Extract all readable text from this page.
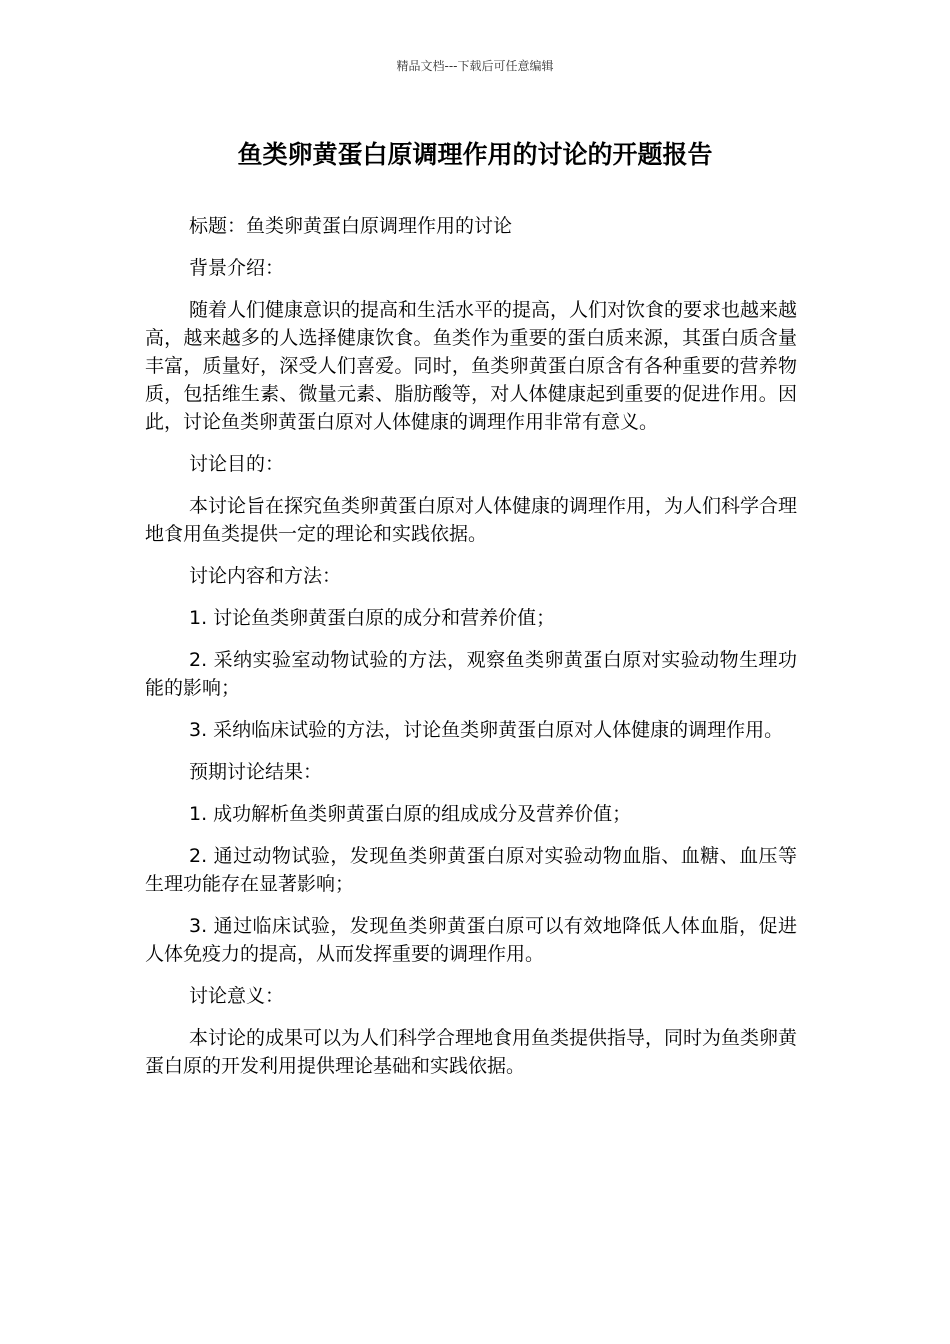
精品文档---下载后可任意编辑
鱼类卵黄蛋白原调理作用的讨论的开题报告

标题：鱼类卵黄蛋白原调理作用的讨论

背景介绍：

随着人们健康意识的提高和生活水平的提高，人们对饮食的要求也越来越高，越来越多的人选择健康饮食。鱼类作为重要的蛋白质来源，其蛋白质含量丰富，质量好，深受人们喜爱。同时，鱼类卵黄蛋白原含有各种重要的营养物质，包括维生素、微量元素、脂肪酸等，对人体健康起到重要的促进作用。因此，讨论鱼类卵黄蛋白原对人体健康的调理作用非常有意义。

讨论目的：

本讨论旨在探究鱼类卵黄蛋白原对人体健康的调理作用，为人们科学合理地食用鱼类提供一定的理论和实践依据。

讨论内容和方法：

1. 讨论鱼类卵黄蛋白原的成分和营养价值；

2. 采纳实验室动物试验的方法，观察鱼类卵黄蛋白原对实验动物生理功能的影响；

3. 采纳临床试验的方法，讨论鱼类卵黄蛋白原对人体健康的调理作用。

预期讨论结果：

1. 成功解析鱼类卵黄蛋白原的组成成分及营养价值；

2. 通过动物试验，发现鱼类卵黄蛋白原对实验动物血脂、血糖、血压等生理功能存在显著影响；

3. 通过临床试验，发现鱼类卵黄蛋白原可以有效地降低人体血脂，促进人体免疫力的提高，从而发挥重要的调理作用。

讨论意义：

本讨论的成果可以为人们科学合理地食用鱼类提供指导，同时为鱼类卵黄蛋白原的开发利用提供理论基础和实践依据。
